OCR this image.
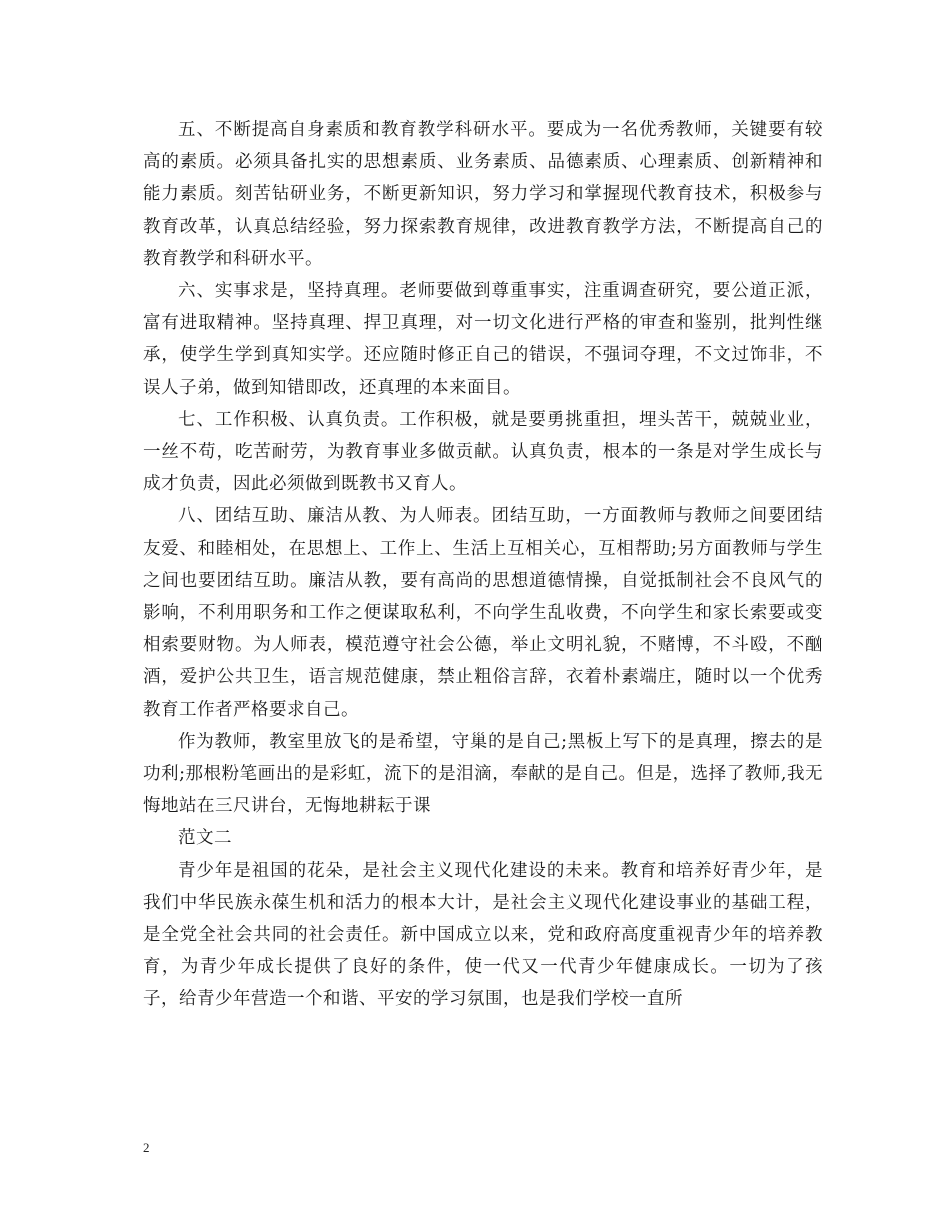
五、不断提高自身素质和教育教学科研水平。要成为一名优秀教师，关键要有较高的素质。必须具备扎实的思想素质、业务素质、品德素质、心理素质、创新精神和能力素质。刻苦钻研业务，不断更新知识，努力学习和掌握现代教育技术，积极参与教育改革，认真总结经验，努力探索教育规律，改进教育教学方法，不断提高自己的教育教学和科研水平。

六、实事求是，坚持真理。老师要做到尊重事实，注重调查研究，要公道正派，富有进取精神。坚持真理、捍卫真理，对一切文化进行严格的审查和鉴别，批判性继承，使学生学到真知实学。还应随时修正自己的错误，不强词夺理，不文过饰非，不误人子弟，做到知错即改，还真理的本来面目。

七、工作积极、认真负责。工作积极，就是要勇挑重担，埋头苦干，兢兢业业，一丝不苟，吃苦耐劳，为教育事业多做贡献。认真负责，根本的一条是对学生成长与成才负责，因此必须做到既教书又育人。

八、团结互助、廉洁从教、为人师表。团结互助，一方面教师与教师之间要团结友爱、和睦相处，在思想上、工作上、生活上互相关心，互相帮助;另方面教师与学生之间也要团结互助。廉洁从教，要有高尚的思想道德情操，自觉抵制社会不良风气的影响，不利用职务和工作之便谋取私利，不向学生乱收费，不向学生和家长索要或变相索要财物。为人师表，模范遵守社会公德，举止文明礼貌，不赌博，不斗殴，不酗酒，爱护公共卫生，语言规范健康，禁止粗俗言辞，衣着朴素端庄，随时以一个优秀教育工作者严格要求自己。

作为教师，教室里放飞的是希望，守巢的是自己;黑板上写下的是真理，擦去的是功利;那根粉笔画出的是彩虹，流下的是泪滴，奉献的是自己。但是，选择了教师,我无悔地站在三尺讲台，无悔地耕耘于课

范文二

青少年是祖国的花朵，是社会主义现代化建设的未来。教育和培养好青少年，是我们中华民族永葆生机和活力的根本大计，是社会主义现代化建设事业的基础工程，是全党全社会共同的社会责任。新中国成立以来，党和政府高度重视青少年的培养教育，为青少年成长提供了良好的条件，使一代又一代青少年健康成长。一切为了孩子，给青少年营造一个和谐、平安的学习氛围，也是我们学校一直所

2
